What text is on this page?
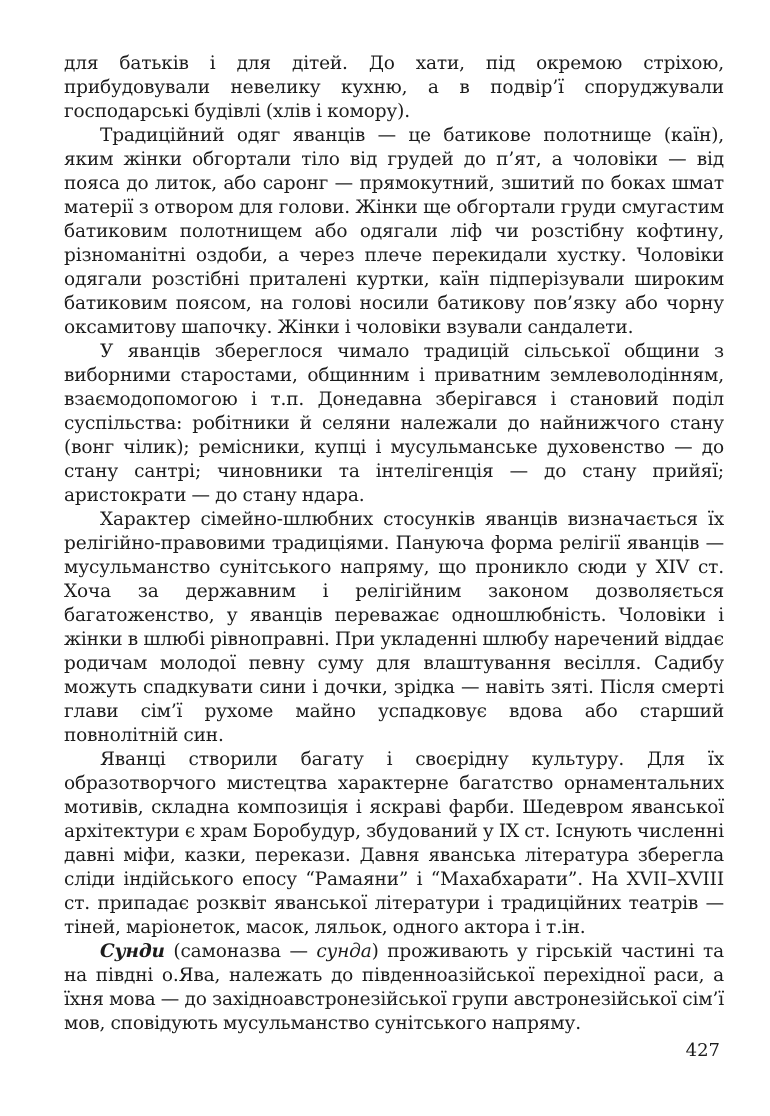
для батьків і для дітей. До хати, під окремою стріхою, прибудовували невелику кухню, а в подвір’ї споруджували господарські будівлі (хлів і комору).

Традиційний одяг яванців — це батикове полотнище (каїн), яким жінки обгортали тіло від грудей до п’ят, а чоловіки — від пояса до литок, або саронг — прямокутний, зшитий по боках шмат матерії з отвором для голови. Жінки ще обгортали груди смугастим батиковим полотнищем або одягали ліф чи розстібну кофтину, різноманітні оздоби, а через плече перекидали хустку. Чоловіки одягали розстібні приталені куртки, каїн підперізували широким батиковим поясом, на голові носили батикову пов’язку або чорну оксамитову шапочку. Жінки і чоловіки взували сандалети.

У яванців збереглося чимало традицій сільської общини з виборними старостами, общинним і приватним землеволодінням, взаємодопомогою і т.п. Донедавна зберігався і становий поділ суспільства: робітники й селяни належали до найнижчого стану (вонг чілик); ремісники, купці і мусульманське духовенство — до стану сантрі; чиновники та інтелігенція — до стану прийяї; аристократи — до стану ндара.

Характер сімейно-шлюбних стосунків яванців визначається їх релігійно-правовими традиціями. Пануюча форма релігії яванців — мусульманство сунітського напряму, що проникло сюди у XIV ст. Хоча за державним і релігійним законом дозволяється багатоженство, у яванців переважає одношлюбність. Чоловіки і жінки в шлюбі рівноправні. При укладенні шлюбу наречений віддає родичам молодої певну суму для влаштування весілля. Садибу можуть спадкувати сини і дочки, зрідка — навіть зяті. Після смерті глави сім’ї рухоме майно успадковує вдова або старший повнолітній син.

Яванці створили багату і своєрідну культуру. Для їх образотворчого мистецтва характерне багатство орнаментальних мотивів, складна композиція і яскраві фарби. Шедевром яванської архітектури є храм Боробудур, збудований у IX ст. Існують численні давні міфи, казки, перекази. Давня яванська література зберегла сліди індійського епосу “Рамаяни” і “Махабхарати”. На XVII–XVIII ст. припадає розквіт яванської літератури і традиційних театрів — тіней, маріонеток, масок, ляльок, одного актора і т.ін.

Сунди (самоназва — сунда) проживають у гірській частині та на півдні о.Ява, належать до південноазійської перехідної раси, а їхня мова — до західноавстронезійської групи австронезійської сім’ї мов, сповідують мусульманство сунітського напряму.

427
